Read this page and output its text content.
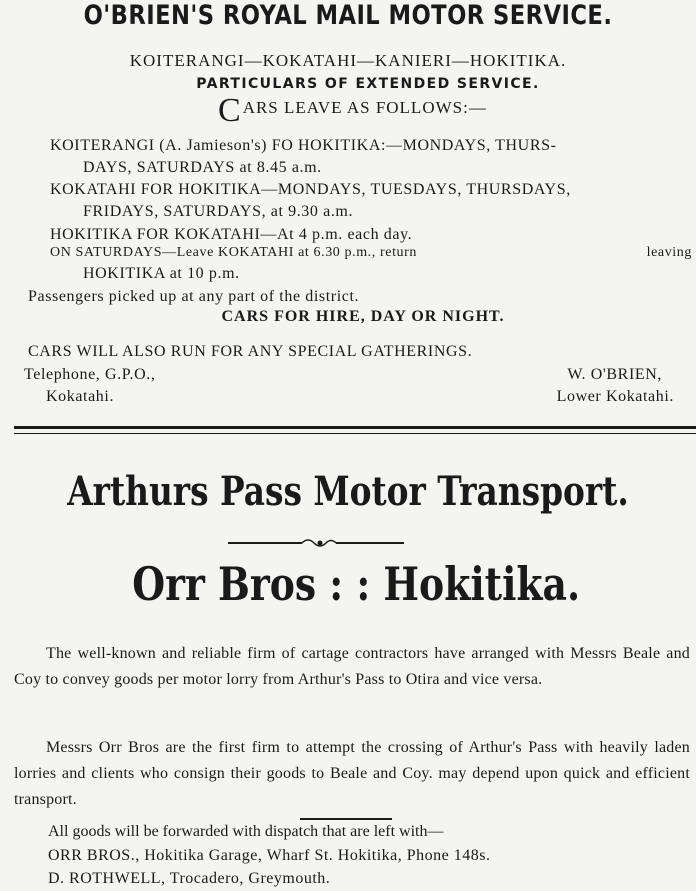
O'BRIEN'S ROYAL MAIL MOTOR SERVICE.
KOITERANGI—KOKATAHI—KANIERI—HOKITIKA.
PARTICULARS OF EXTENDED SERVICE.
CARS LEAVE AS FOLLOWS:—
KOITERANGI (A. Jamieson's) FO HOKITIKA:—MONDAYS, THURS-
DAYS, SATURDAYS at 8.45 a.m.
KOKATAHI FOR HOKITIKA—MONDAYS, TUESDAYS, THURSDAYS,
FRIDAYS, SATURDAYS, at 9.30 a.m.
HOKITIKA FOR KOKATAHI—At 4 p.m. each day.
ON SATURDAYS—Leave KOKATAHI at 6.30 p.m., return	leaving
HOKITIKA at 10 p.m.
Passengers picked up at any part of the district.
CARS FOR HIRE, DAY OR NIGHT.
CARS WILL ALSO RUN FOR ANY SPECIAL GATHERINGS.
Telephone, G.P.O.,	W. O'BRIEN,
Kokatahi.	Lower Kokatahi.
Arthurs Pass Motor Transport.
Orr Bros : : Hokitika.
The well-known and reliable firm of cartage contractors have arranged with Messrs Beale and Coy to convey goods per motor lorry from Arthur's Pass to Otira and vice versa.
Messrs Orr Bros are the first firm to attempt the crossing of Arthur's Pass with heavily laden lorries and clients who consign their goods to Beale and Coy. may depend upon quick and efficient transport.
All goods will be forwarded with dispatch that are left with—
ORR BROS., Hokitika Garage, Wharf St. Hokitika, Phone 148s.
D. ROTHWELL, Trocadero, Greymouth.
